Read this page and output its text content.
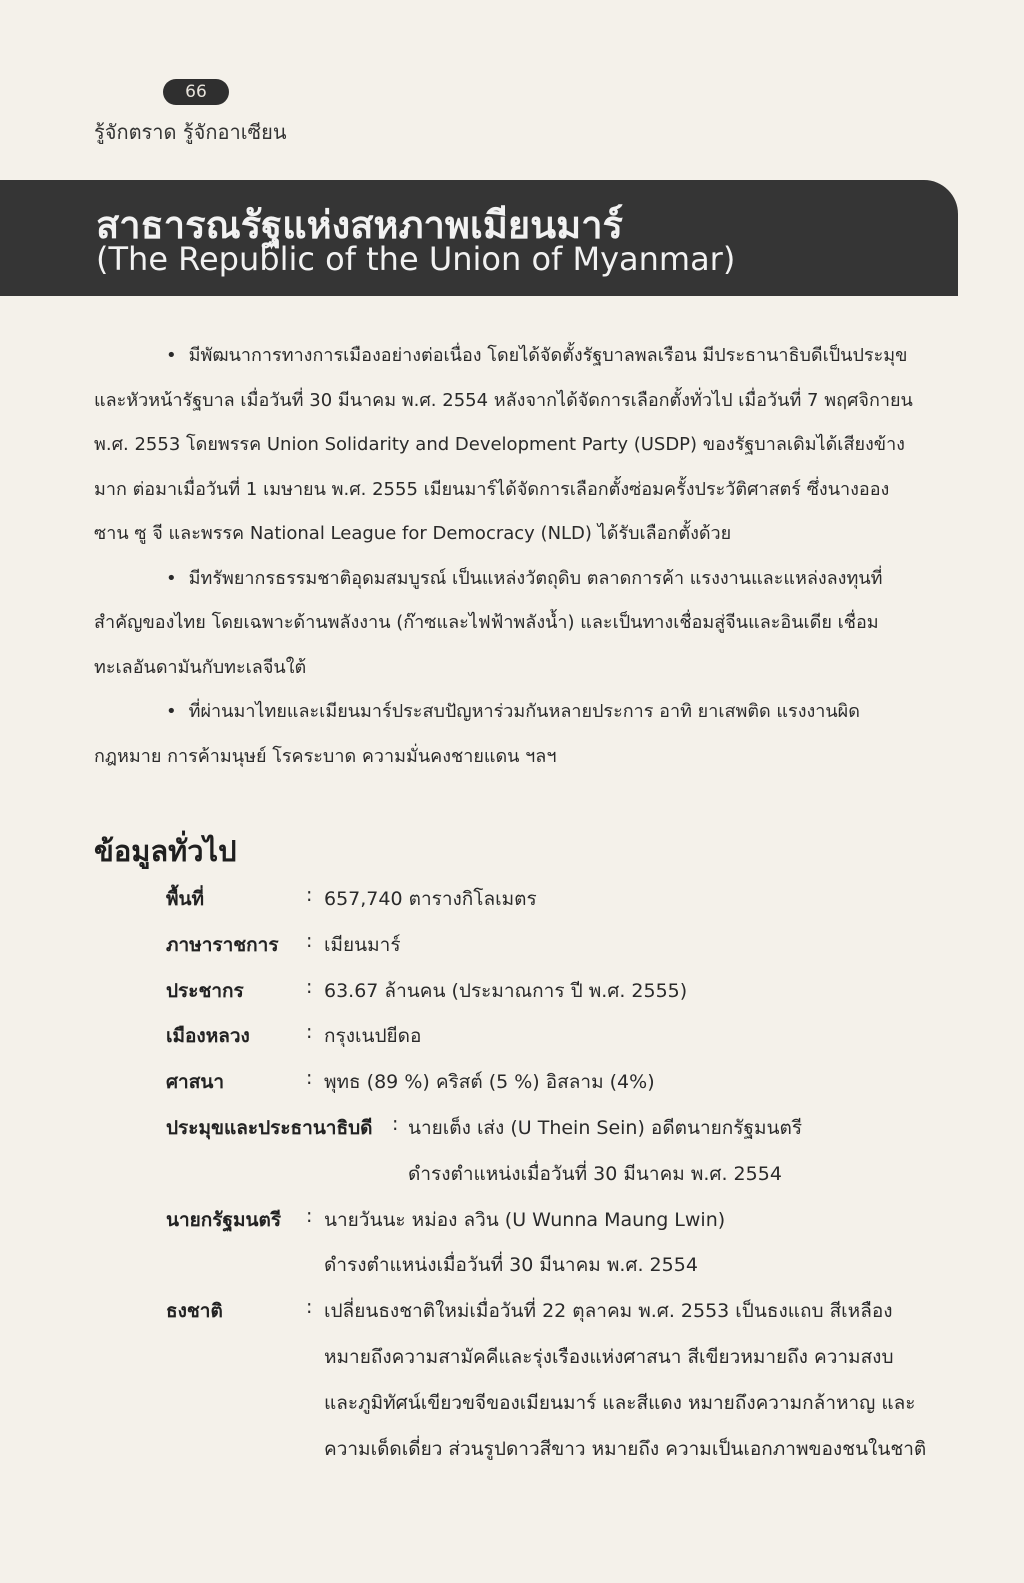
66
รู้จักตราด รู้จักอาเซียน
สาธารณรัฐแห่งสหภาพเมียนมาร์
(The Republic of the Union of Myanmar)
• มีพัฒนาการทางการเมืองอย่างต่อเนื่อง โดยได้จัดตั้งรัฐบาลพลเรือน มีประธานาธิบดีเป็นประมุข
และหัวหน้ารัฐบาล เมื่อวันที่ 30 มีนาคม พ.ศ. 2554 หลังจากได้จัดการเลือกตั้งทั่วไป เมื่อวันที่ 7 พฤศจิกายน
พ.ศ. 2553 โดยพรรค Union Solidarity and Development Party (USDP) ของรัฐบาลเดิมได้เสียงข้าง
มาก ต่อมาเมื่อวันที่ 1 เมษายน พ.ศ. 2555 เมียนมาร์ได้จัดการเลือกตั้งซ่อมครั้งประวัติศาสตร์ ซึ่งนางออง
ซาน ซู จี และพรรค National League for Democracy (NLD) ได้รับเลือกตั้งด้วย
• มีทรัพยากรธรรมชาติอุดมสมบูรณ์ เป็นแหล่งวัตถุดิบ ตลาดการค้า แรงงานและแหล่งลงทุนที่
สำคัญของไทย โดยเฉพาะด้านพลังงาน (ก๊าซและไฟฟ้าพลังน้ำ) และเป็นทางเชื่อมสู่จีนและอินเดีย เชื่อม
ทะเลอันดามันกับทะเลจีนใต้
• ที่ผ่านมาไทยและเมียนมาร์ประสบปัญหาร่วมกันหลายประการ อาทิ ยาเสพติด แรงงานผิด
กฎหมาย การค้ามนุษย์ โรคระบาด ความมั่นคงชายแดน ฯลฯ
ข้อมูลทั่วไป
พื้นที่	: 657,740 ตารางกิโลเมตร
ภาษาราชการ : เมียนมาร์
ประชากร	: 63.67 ล้านคน (ประมาณการ ปี พ.ศ. 2555)
เมืองหลวง	: กรุงเนปยีดอ
ศาสนา	: พุทธ (89 %) คริสต์ (5 %) อิสลาม (4%)
ประมุขและประธานาธิบดี : นายเต็ง เส่ง (U Thein Sein) อดีตนายกรัฐมนตรี
ดำรงตำแหน่งเมื่อวันที่ 30 มีนาคม พ.ศ. 2554
นายกรัฐมนตรี : นายวันนะ หม่อง ลวิน (U Wunna Maung Lwin)
ดำรงตำแหน่งเมื่อวันที่ 30 มีนาคม พ.ศ. 2554
ธงชาติ	: เปลี่ยนธงชาติใหม่เมื่อวันที่ 22 ตุลาคม พ.ศ. 2553 เป็นธงแถบ สีเหลือง
หมายถึงความสามัคคีและรุ่งเรืองแห่งศาสนา สีเขียวหมายถึง ความสงบ
และภูมิทัศน์เขียวขจีของเมียนมาร์ และสีแดง หมายถึงความกล้าหาญ และ
ความเด็ดเดี่ยว ส่วนรูปดาวสีขาว หมายถึง ความเป็นเอกภาพของชนในชาติ
